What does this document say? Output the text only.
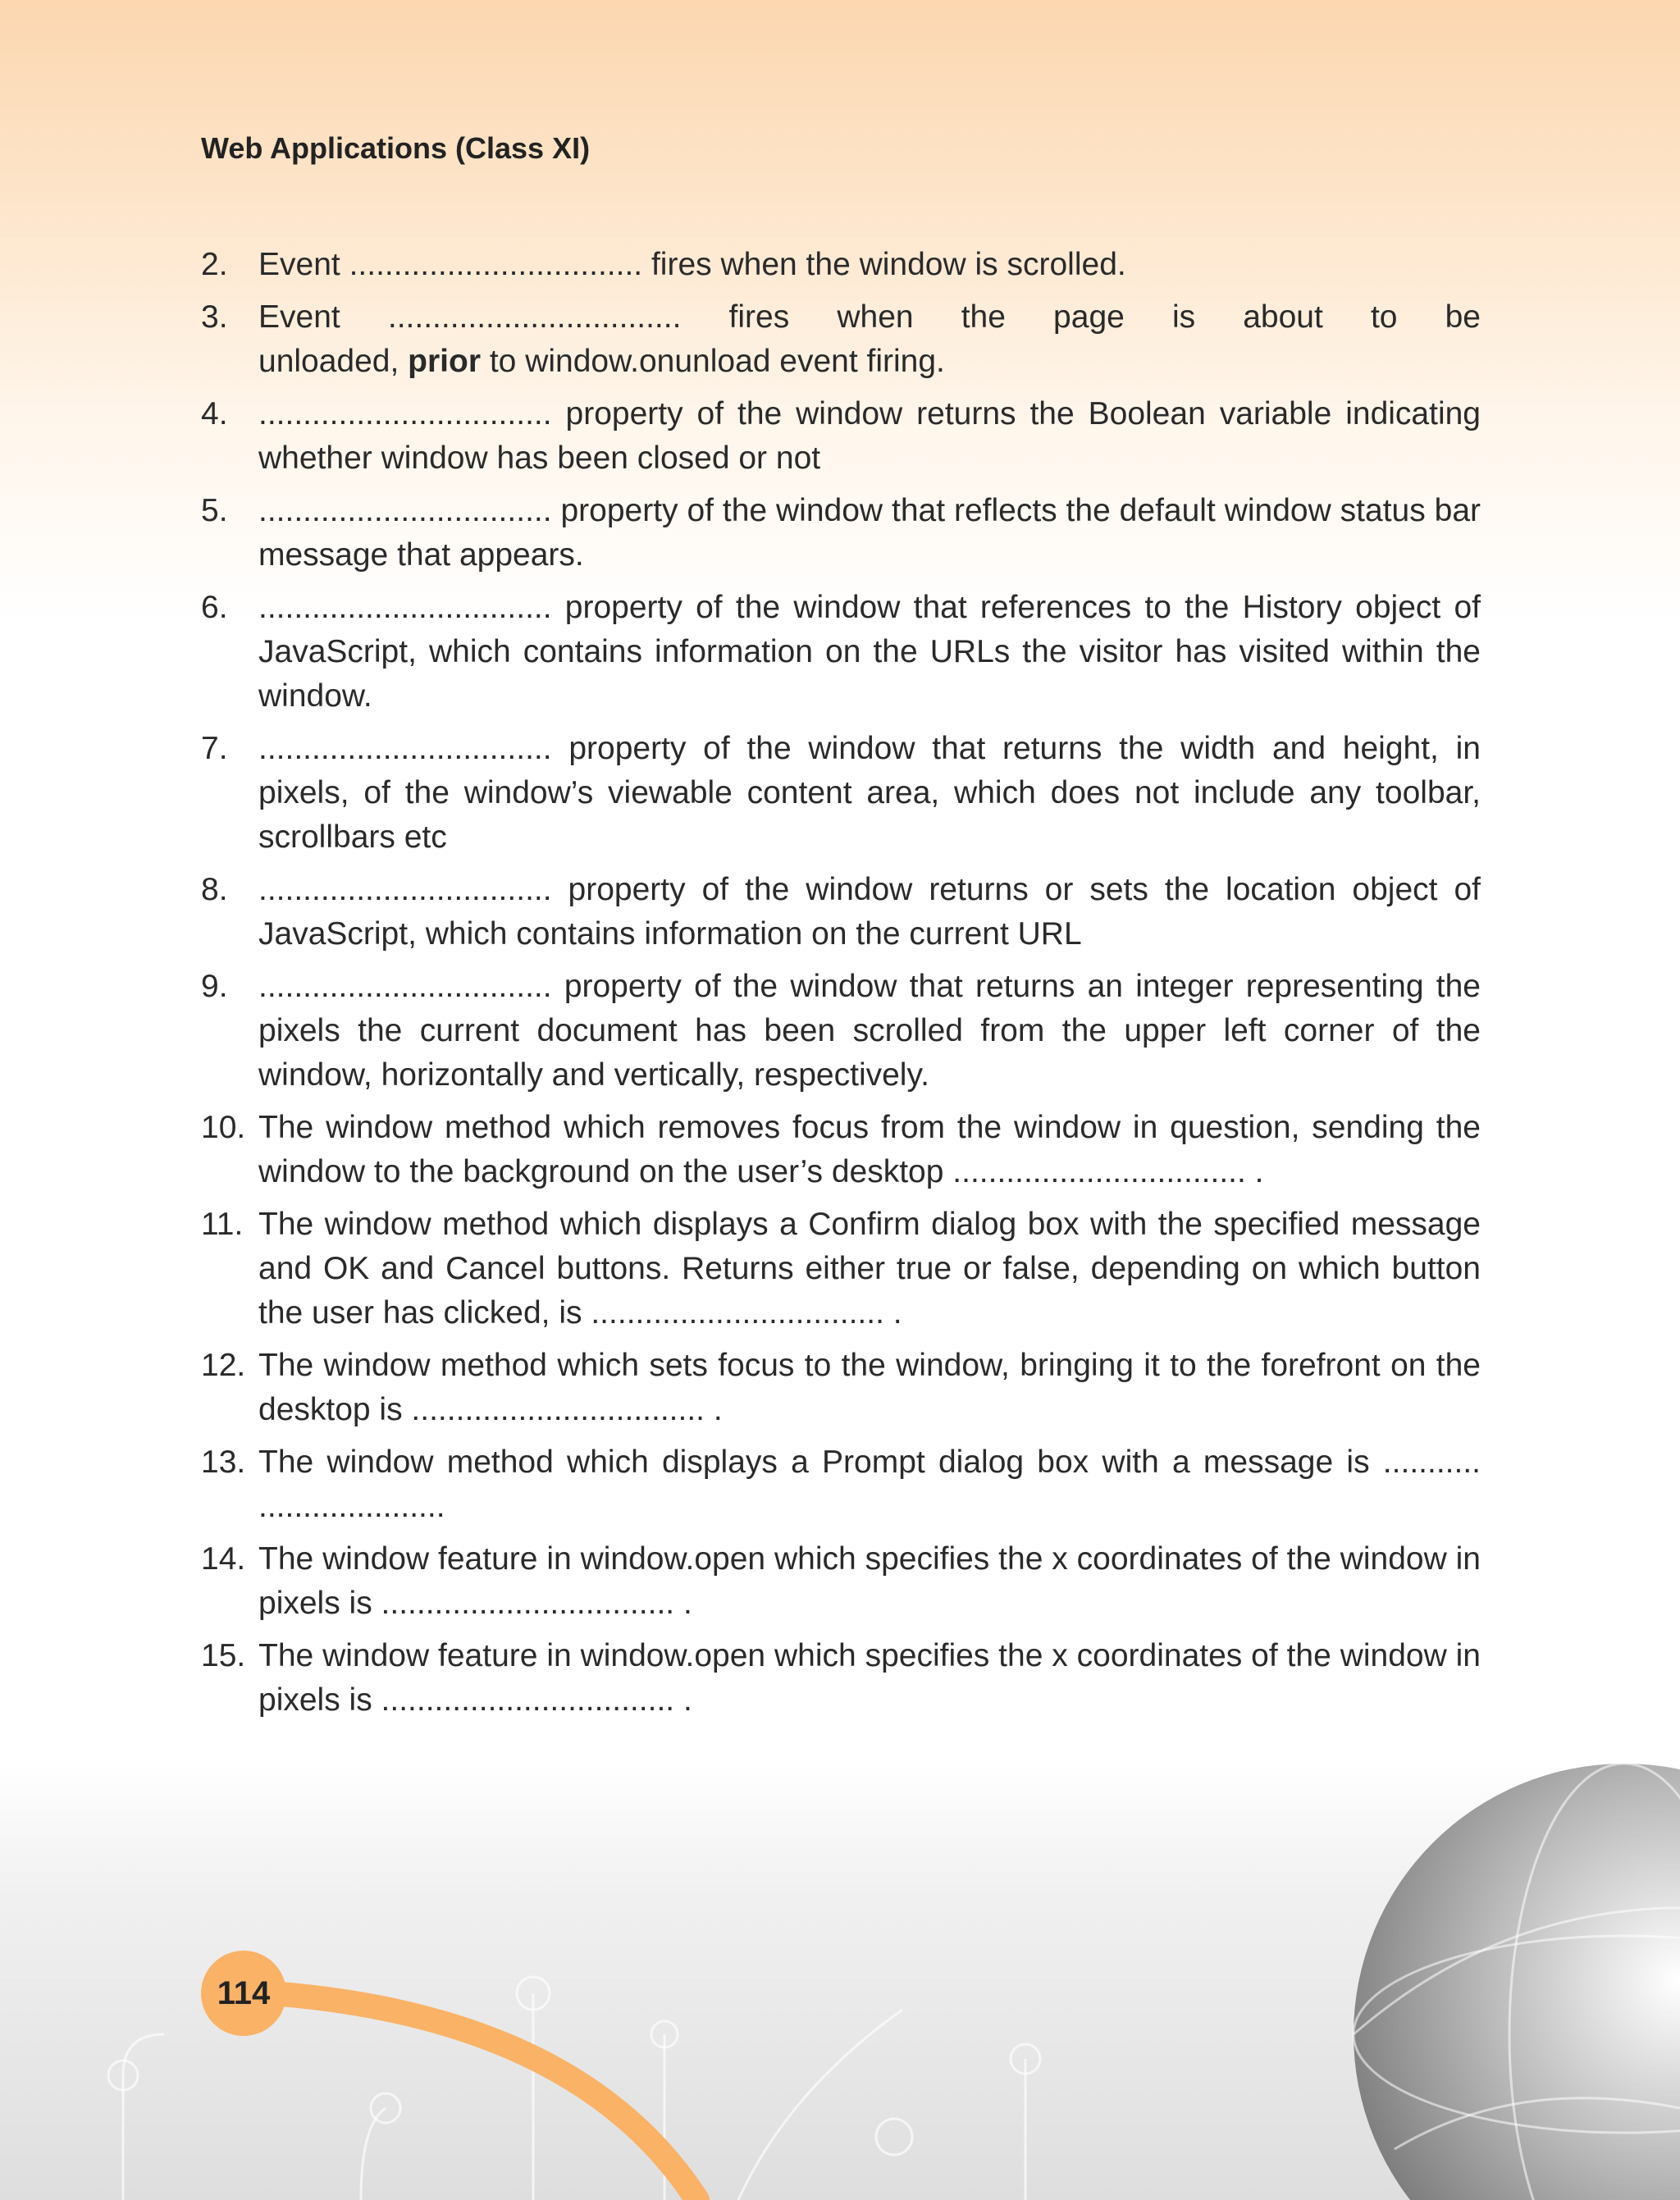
Web Applications (Class XI)
2. Event ................................. fires when the window is scrolled.
3. Event     .................................     fires     when     the     page     is     about     to     be unloaded, prior to window.onunload event firing.
4. ................................. property of the window returns the Boolean variable indicating whether window has been closed or not
5. ................................. property of the window that reflects the default window status bar message that appears.
6. ................................. property of the window that references to the History object of JavaScript, which contains information on the URLs the visitor has visited within the window.
7. ................................. property of the window that returns the width and height, in pixels, of the window’s viewable content area, which does not include any toolbar, scrollbars etc
8. ................................. property of the window returns or sets the location object of JavaScript, which contains information on the current URL
9. ................................. property of the window that returns an integer representing the pixels the current document has been scrolled from the upper left corner of the window, horizontally and vertically, respectively.
10. The window method which removes focus from the window in question, sending the window to the background on the user’s desktop ................................. .
11. The window method which displays a Confirm dialog box with the specified message and OK and Cancel buttons. Returns either true or false, depending on which button the user has clicked, is ................................. .
12. The window method which sets focus to the window, bringing it to the forefront on the desktop is ................................. .
13. The window method which displays a Prompt dialog box with a message is ........... .....................
14. The window feature in window.open which specifies the x coordinates of the window in pixels is ................................. .
15. The window feature in window.open which specifies the x coordinates of the window in pixels is ................................. .
114
